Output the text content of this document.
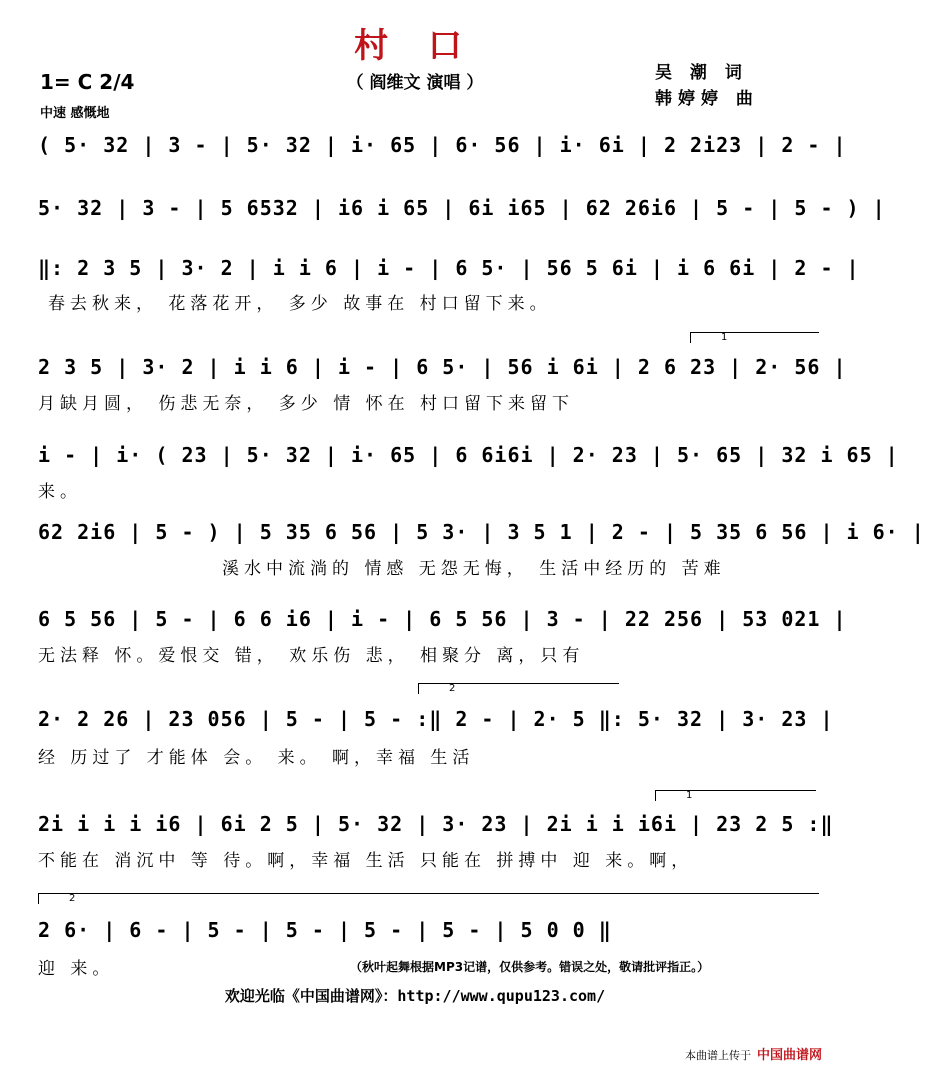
村 口
（ 阎维文 演唱 ）
1= C 2/4
中速 感慨地
吴 潮 词
韩婷婷 曲
( 5· 32 | 3 - | 5· 32 | i· 65 | 6· 56 | i· 6i | 2 2i23 | 2 - |
5· 32 | 3 - | 5 6532 | i6 i 65 | 6i i65 | 62 26i6 | 5 - | 5 - ) |
‖: 2 3 5 | 3· 2 | i i 6 | i - | 6 5· | 56 5 6i | i 6 6i | 2 - |
春去秋来， 花落花开， 多少 故事在 村口留下来。
1
2 3 5 | 3· 2 | i i 6 | i - | 6 5· | 56 i 6i | 2 6 23 | 2· 56 |
月缺月圆， 伤悲无奈， 多少 情 怀在 村口留下来留下
i - | i· ( 23 | 5· 32 | i· 65 | 6 6i6i | 2· 23 | 5· 65 | 32 i 65 |
来。
62 2i6 | 5 - ) | 5 35 6 56 | 5 3· | 3 5 1 | 2 - | 5 35 6 56 | i 6· |
溪水中流淌的 情感 无怨无悔， 生活中经历的 苦难
6 5 56 | 5 - | 6 6 i6 | i - | 6 5 56 | 3 - | 22 256 | 53 021 |
无法释 怀。爱恨交 错， 欢乐伤 悲， 相聚分 离，只有
2
2· 2 26 | 23 056 | 5 - | 5 - :‖ 2 - | 2· 5 ‖: 5· 32 | 3· 23 |
经 历过了 才能体 会。 来。 啊，幸福 生活
1
2i i i i i6 | 6i 2 5 | 5· 32 | 3· 23 | 2i i i i6i | 23 2 5 :‖
不能在 消沉中 等 待。啊，幸福 生活 只能在 拼搏中 迎 来。啊，
2
2 6· | 6 - | 5 - | 5 - | 5 - | 5 - | 5 0 0 ‖
迎 来。	（秋叶起舞根据MP3记谱，仅供参考。错误之处，敬请批评指正。）
欢迎光临《中国曲谱网》：http://www.qupu123.com/
本曲谱上传于 中国曲谱网
